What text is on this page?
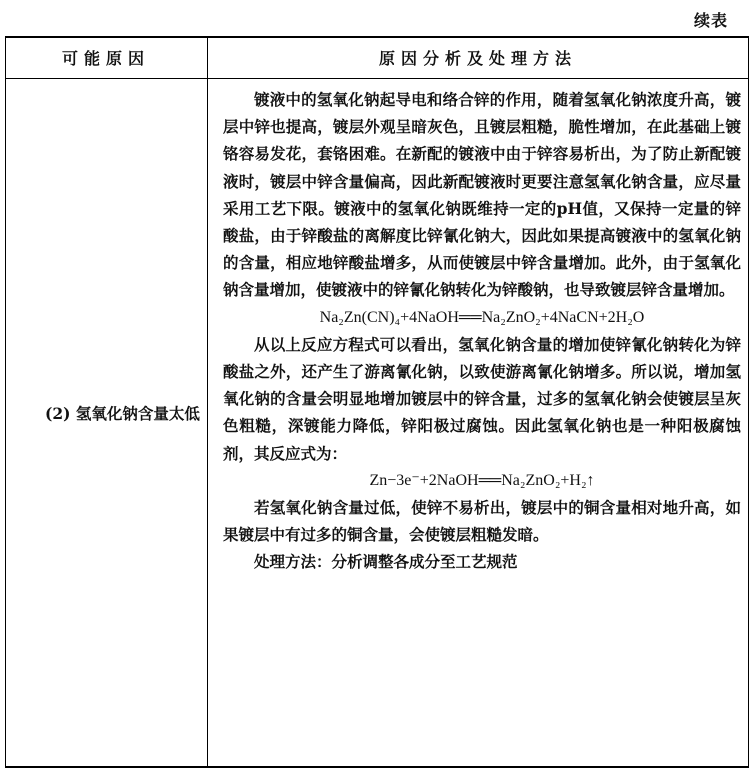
续表
可能原因	原因分析及处理方法
(2) 氢氧化钠含量太低

镀液中的氢氧化钠起导电和络合锌的作用，随着氢氧化钠浓度升高，镀层中锌也提高，镀层外观呈暗灰色，且镀层粗糙，脆性增加，在此基础上镀铬容易发花，套铬困难。在新配的镀液中由于锌容易析出，为了防止新配镀液时，镀层中锌含量偏高，因此新配镀液时更要注意氢氧化钠含量，应尽量采用工艺下限。镀液中的氢氧化钠既维持一定的pH值，又保持一定量的锌酸盐，由于锌酸盐的离解度比锌氰化钠大，因此如果提高镀液中的氢氧化钠的含量，相应地锌酸盐增多，从而使镀层中锌含量增加。此外，由于氢氧化钠含量增加，使镀液中的锌氰化钠转化为锌酸钠，也导致镀层锌含量增加。

Na₂Zn(CN)₄+4NaOH══Na₂ZnO₂+4NaCN+2H₂O

从以上反应方程式可以看出，氢氧化钠含量的增加使锌氰化钠转化为锌酸盐之外，还产生了游离氰化钠，以致使游离氰化钠增多。所以说，增加氢氧化钠的含量会明显地增加镀层中的锌含量，过多的氢氧化钠会使镀层呈灰色粗糙，深镀能力降低，锌阳极过腐蚀。因此氢氧化钠也是一种阳极腐蚀剂，其反应式为：

Zn−3e⁻+2NaOH══Na₂ZnO₂+H₂↑

若氢氧化钠含量过低，使锌不易析出，镀层中的铜含量相对地升高，如果镀层中有过多的铜含量，会使镀层粗糙发暗。

处理方法：分析调整各成分至工艺规范
